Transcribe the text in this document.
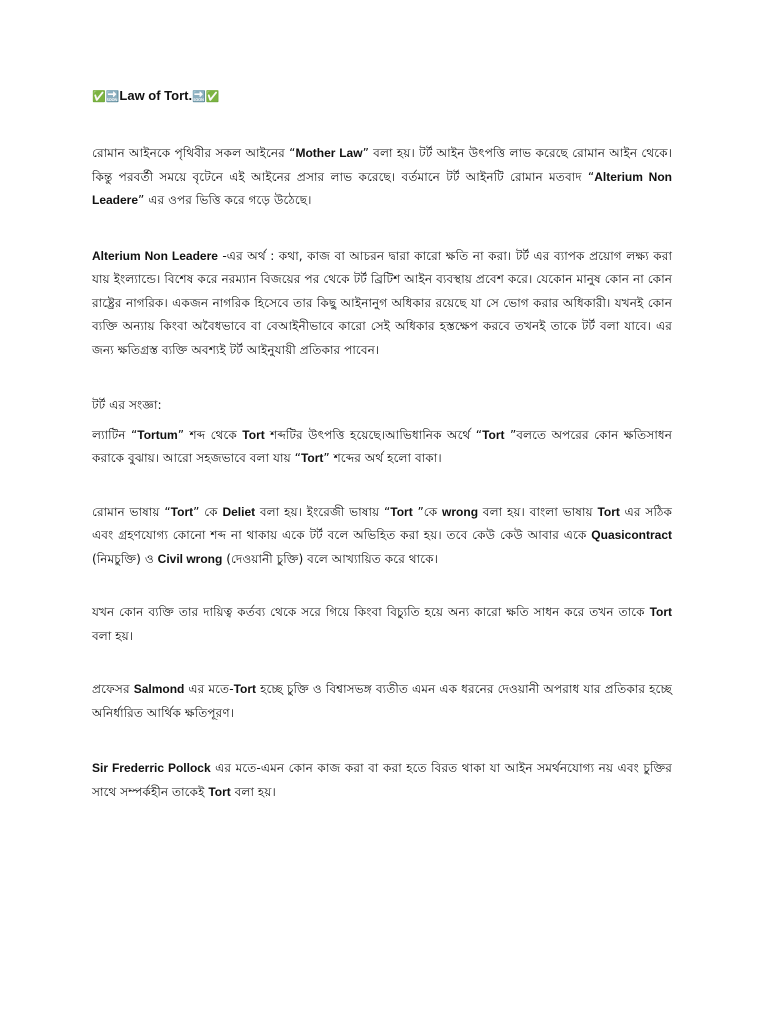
✅🔜Law of Tort.🔜✅

রোমান আইনকে পৃথিবীর সকল আইনের “Mother Law” বলা হয়। টর্ট আইন উৎপত্তি লাভ করেছে রোমান আইন থেকে। কিন্তু পরবর্তী সময়ে বৃটেনে এই আইনের প্রসার লাভ করেছে। বর্তমানে টর্ট আইনটি রোমান মতবাদ “Alterium Non Leadere” এর ওপর ভিত্তি করে গড়ে উঠেছে।

Alterium Non Leadere -এর অর্থ : কথা, কাজ বা আচরন দ্বারা কারো ক্ষতি না করা। টর্ট এর ব্যাপক প্রয়োগ লক্ষ্য করা যায় ইংল্যান্ডে। বিশেষ করে নরম্যান বিজয়ের পর থেকে টর্ট ব্রিটিশ আইন ব্যবস্থায় প্রবেশ করে। যেকোন মানুষ কোন না কোন রাষ্ট্রের নাগরিক। একজন নাগরিক হিসেবে তার কিছু আইনানুগ অধিকার রয়েছে যা সে ভোগ করার অধিকারী। যখনই কোন ব্যক্তি অন্যায় কিংবা অবৈধভাবে বা বেআইনীভাবে কারো সেই অধিকার হস্তক্ষেপ করবে তখনই তাকে টর্ট বলা যাবে। এর জন্য ক্ষতিগ্রস্ত ব্যক্তি অবশ্যই টর্ট আইনুযায়ী প্রতিকার পাবেন।

টর্ট এর সংজ্ঞা:

ল্যাটিন “Tortum” শব্দ থেকে Tort শব্দটির উৎপত্তি হয়েছে।আভিধানিক অর্থে “Tort ”বলতে অপরের কোন ক্ষতিসাধন করাকে বুঝায়। আরো সহজভাবে বলা যায় “Tort” শব্দের অর্থ হলো বাকা।

রোমান ভাষায় “Tort” কে Deliet বলা হয়। ইংরেজী ভাষায় “Tort ”কে wrong বলা হয়। বাংলা ভাষায় Tort এর সঠিক এবং গ্রহণযোগ্য কোনো শব্দ না থাকায় একে টর্ট বলে অভিহিত করা হয়। তবে কেউ কেউ আবার একে Quasicontract (নিমচুক্তি) ও Civil wrong (দেওয়ানী চুক্তি) বলে আখ্যায়িত করে থাকে।

যখন কোন ব্যক্তি তার দায়িত্ব কর্তব্য থেকে সরে গিয়ে কিংবা বিচ্যুতি হয়ে অন্য কারো ক্ষতি সাধন করে তখন তাকে Tort বলা হয়।

প্রফেসর Salmond এর মতে-Tort হচ্ছে চুক্তি ও বিশ্বাসভঙ্গ ব্যতীত এমন এক ধরনের দেওয়ানী অপরাধ যার প্রতিকার হচ্ছে অনির্ধারিত আর্থিক ক্ষতিপূরণ।

Sir Frederric Pollock এর মতে-এমন কোন কাজ করা বা করা হতে বিরত থাকা যা আইন সমর্থনযোগ্য নয় এবং চুক্তির সাথে সম্পর্কহীন তাকেই Tort বলা হয়।
